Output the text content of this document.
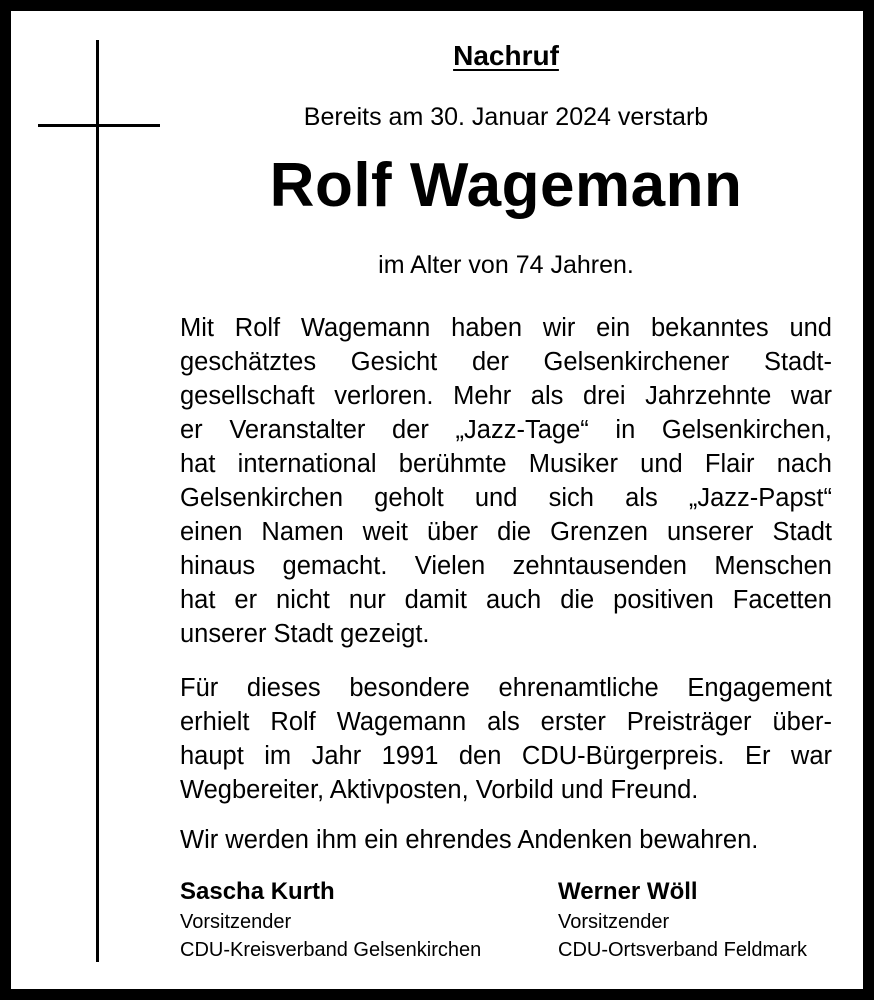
Nachruf
Bereits am 30. Januar 2024 verstarb
Rolf Wagemann
im Alter von 74 Jahren.
Mit Rolf Wagemann haben wir ein bekanntes und
geschätztes Gesicht der Gelsenkirchener Stadt-
gesellschaft verloren. Mehr als drei Jahrzehnte war
er Veranstalter der „Jazz-Tage“ in Gelsenkirchen,
hat international berühmte Musiker und Flair nach
Gelsenkirchen geholt und sich als „Jazz-Papst“
einen Namen weit über die Grenzen unserer Stadt
hinaus gemacht. Vielen zehntausenden Menschen
hat er nicht nur damit auch die positiven Facetten
unserer Stadt gezeigt.
Für dieses besondere ehrenamtliche Engagement
erhielt Rolf Wagemann als erster Preisträger über-
haupt im Jahr 1991 den CDU-Bürgerpreis. Er war
Wegbereiter, Aktivposten, Vorbild und Freund.
Wir werden ihm ein ehrendes Andenken bewahren.
Sascha Kurth
Vorsitzender
CDU-Kreisverband Gelsenkirchen
Werner Wöll
Vorsitzender
CDU-Ortsverband Feldmark
